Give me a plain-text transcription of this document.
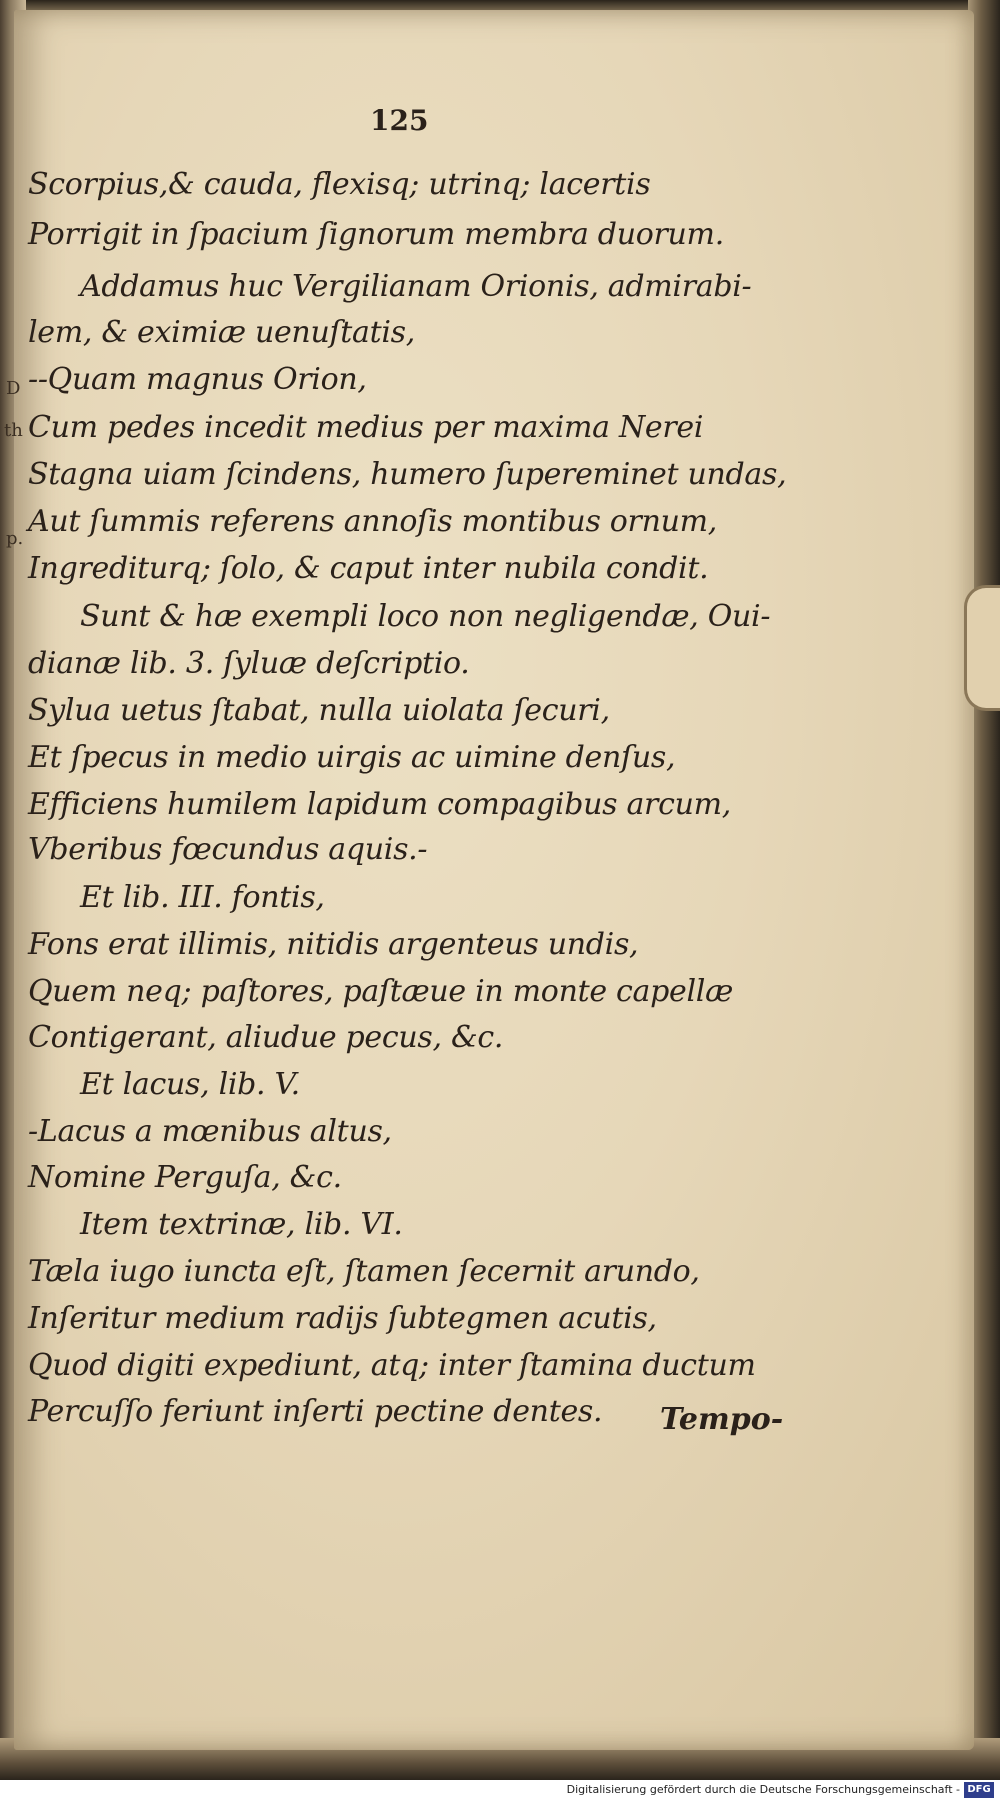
D
th
p.
125
Scorpius,& cauda, flexisq; utrinq; lacertis
Porrigit in ſpacium ſignorum membra duorum.
Addamus huc Vergilianam Orionis, admirabi-
lem, & eximiæ uenuſtatis,
--Quam magnus Orion,
Cum pedes incedit medius per maxima Nerei
Stagna uiam ſcindens, humero ſupereminet undas,
Aut ſummis referens annoſis montibus ornum,
Ingrediturq; ſolo, & caput inter nubila condit.
Sunt & hæ exempli loco non negligendæ, Oui-
dianæ lib. 3. ſyluæ deſcriptio.
Sylua uetus ſtabat, nulla uiolata ſecuri,
Et ſpecus in medio uirgis ac uimine denſus,
Efficiens humilem lapidum compagibus arcum,
Vberibus fœcundus aquis.-
Et lib. III. fontis,
Fons erat illimis, nitidis argenteus undis,
Quem neq; paſtores, paſtæue in monte capellæ
Contigerant, aliudue pecus, &c.
Et lacus, lib. V.
-Lacus a mœnibus altus,
Nomine Perguſa, &c.
Item textrinæ, lib. VI.
Tæla iugo iuncta eſt, ſtamen ſecernit arundo,
Inſeritur medium radijs ſubtegmen acutis,
Quod digiti expediunt, atq; inter ſtamina ductum
Percuſſo feriunt inſerti pectine dentes. Tempo-
Digitalisierung gefördert durch die Deutsche Forschungsgemeinschaft - DFG
